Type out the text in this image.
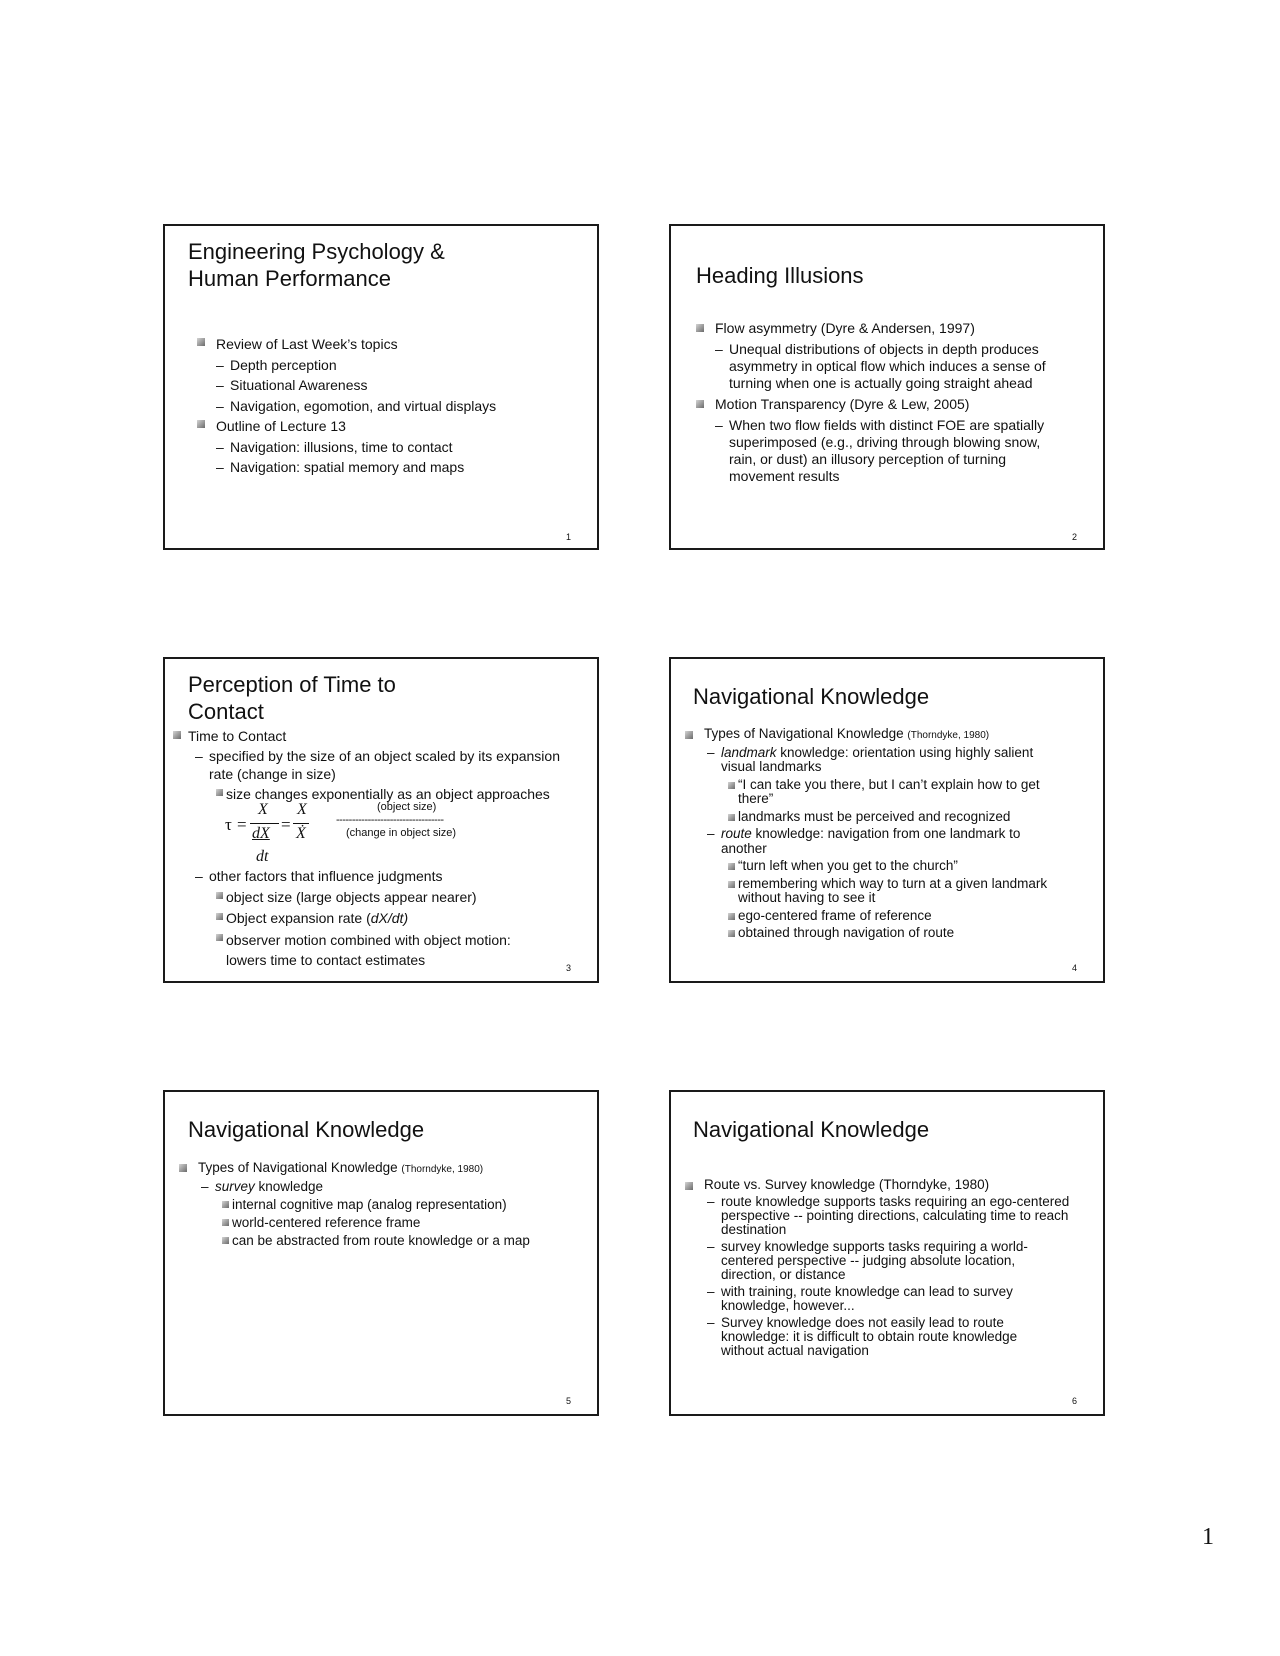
Engineering Psychology &
Human Performance
Review of Last Week’s topics
– Depth perception
– Situational Awareness
– Navigation, egomotion, and virtual displays
Outline of Lecture 13
– Navigation: illusions, time to contact
– Navigation: spatial memory and maps
1
Heading Illusions
Flow asymmetry (Dyre & Andersen, 1997)
– Unequal distributions of objects in depth produces asymmetry in optical flow which induces a sense of turning when one is actually going straight ahead
Motion Transparency (Dyre & Lew, 2005)
– When two flow fields with distinct FOE are spatially superimposed (e.g., driving through blowing snow, rain, or dust) an illusory perception of turning movement results
2
Perception of Time to
Contact
Time to Contact
– specified by the size of an object scaled by its expansion rate (change in size)
size changes exponentially as an object approaches
τ =
X
dX
dt
=
X
Ẋ
(object size)
----------------------------------
(change in object size)
– other factors that influence judgments
object size (large objects appear nearer)
Object expansion rate (dX/dt)
observer motion combined with object motion: lowers time to contact estimates	3
Navigational Knowledge
Types of Navigational Knowledge (Thorndyke, 1980)
– landmark knowledge: orientation using highly salient visual landmarks
“I can take you there, but I can’t explain how to get there”
landmarks must be perceived and recognized
– route knowledge: navigation from one landmark to another
“turn left when you get to the church”
remembering which way to turn at a given landmark without having to see it
ego-centered frame of reference
obtained through navigation of route
4
Navigational Knowledge
Types of Navigational Knowledge (Thorndyke, 1980)
– survey knowledge
internal cognitive map (analog representation)
world-centered reference frame
can be abstracted from route knowledge or a map
5
Navigational Knowledge
Route vs. Survey knowledge (Thorndyke, 1980)
– route knowledge supports tasks requiring an ego-centered perspective -- pointing directions, calculating time to reach destination
– survey knowledge supports tasks requiring a world-centered perspective -- judging absolute location, direction, or distance
– with training, route knowledge can lead to survey knowledge, however...
– Survey knowledge does not easily lead to route knowledge: it is difficult to obtain route knowledge without actual navigation
6
1
